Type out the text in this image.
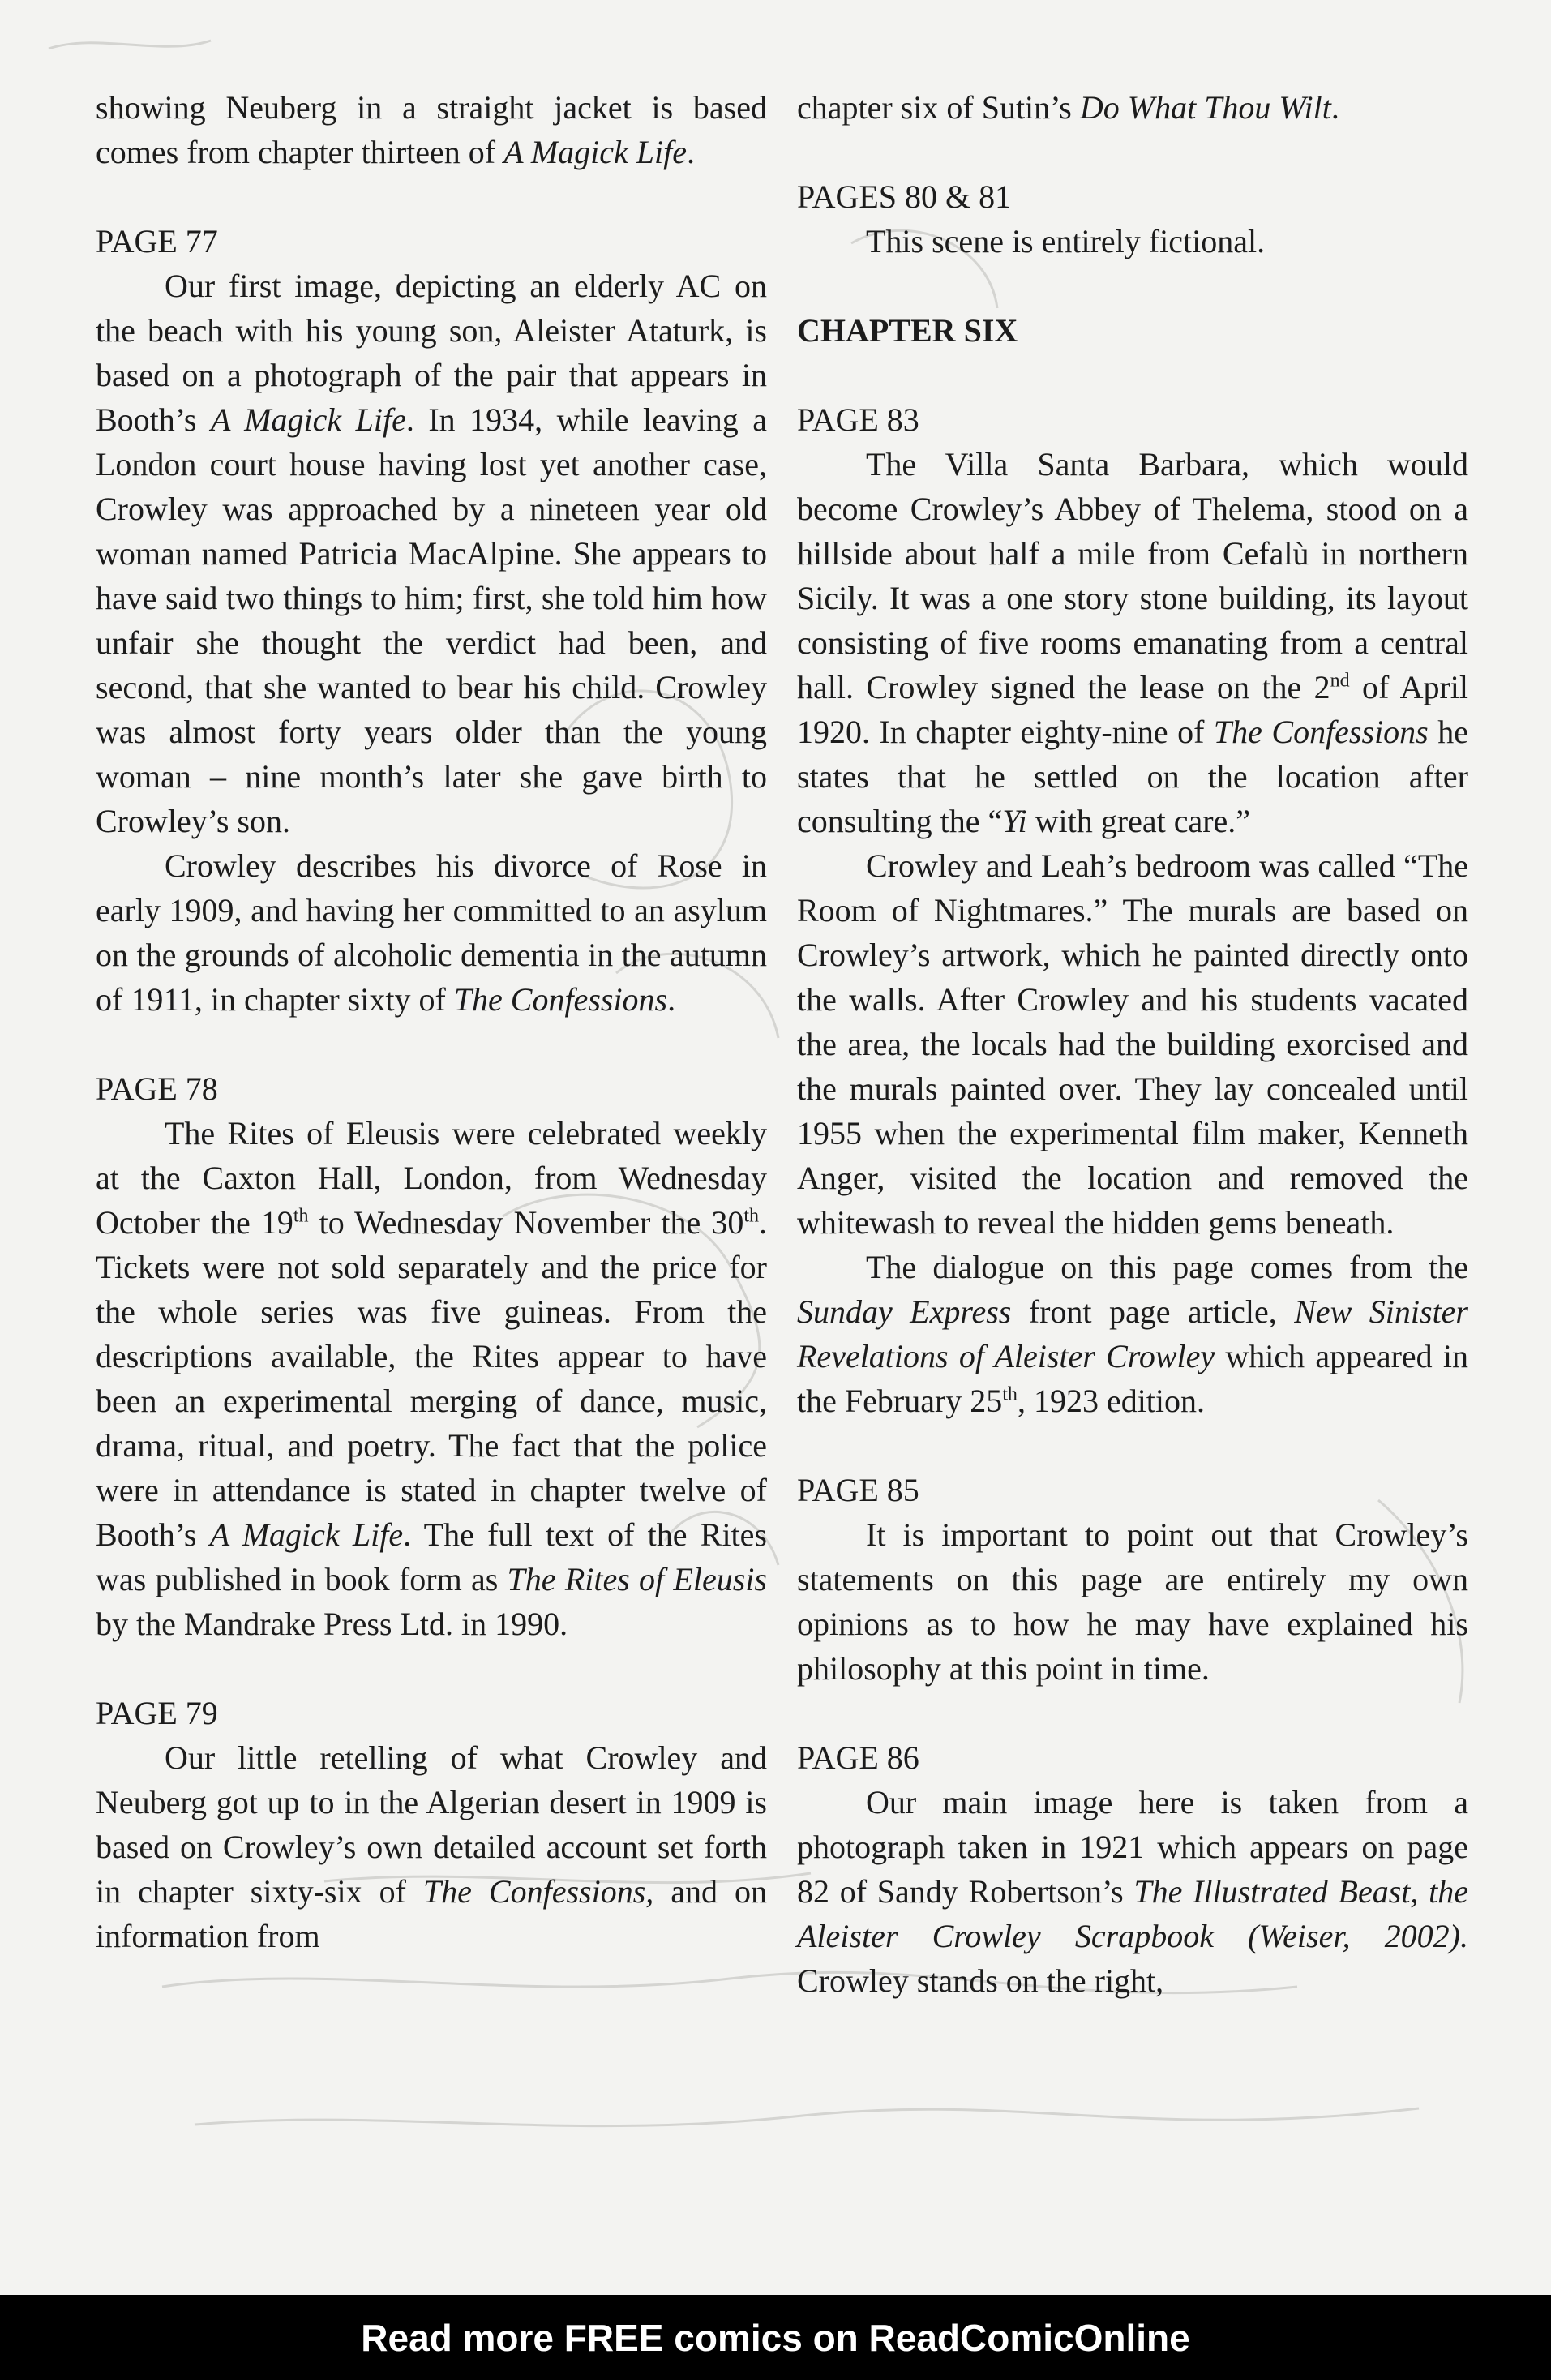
showing Neuberg in a straight jacket is based comes from chapter thirteen of A Magick Life.

PAGE 77

Our first image, depicting an elderly AC on the beach with his young son, Aleister Ataturk, is based on a photograph of the pair that appears in Booth’s A Magick Life. In 1934, while leaving a London court house having lost yet another case, Crowley was approached by a nineteen year old woman named Patricia MacAlpine. She appears to have said two things to him; first, she told him how unfair she thought the verdict had been, and second, that she wanted to bear his child. Crowley was almost forty years older than the young woman – nine month’s later she gave birth to Crowley’s son.

Crowley describes his divorce of Rose in early 1909, and having her committed to an asylum on the grounds of alcoholic dementia in the autumn of 1911, in chapter sixty of The Confessions.

PAGE 78

The Rites of Eleusis were celebrated weekly at the Caxton Hall, London, from Wednesday October the 19th to Wednesday November the 30th. Tickets were not sold separately and the price for the whole series was five guineas. From the descriptions available, the Rites appear to have been an experimental merging of dance, music, drama, ritual, and poetry. The fact that the police were in attendance is stated in chapter twelve of Booth’s A Magick Life. The full text of the Rites was published in book form as The Rites of Eleusis by the Mandrake Press Ltd. in 1990.

PAGE 79

Our little retelling of what Crowley and Neuberg got up to in the Algerian desert in 1909 is based on Crowley’s own detailed account set forth in chapter sixty-six of The Confessions, and on information from

chapter six of Sutin’s Do What Thou Wilt.

PAGES 80 & 81

This scene is entirely fictional.

CHAPTER SIX

PAGE 83

The Villa Santa Barbara, which would become Crowley’s Abbey of Thelema, stood on a hillside about half a mile from Cefalù in northern Sicily. It was a one story stone building, its layout consisting of five rooms emanating from a central hall. Crowley signed the lease on the 2nd of April 1920. In chapter eighty-nine of The Confessions he states that he settled on the location after consulting the “Yi with great care.”

Crowley and Leah’s bedroom was called “The Room of Nightmares.” The murals are based on Crowley’s artwork, which he painted directly onto the walls. After Crowley and his students vacated the area, the locals had the building exorcised and the murals painted over. They lay concealed until 1955 when the experimental film maker, Kenneth Anger, visited the location and removed the whitewash to reveal the hidden gems beneath.

The dialogue on this page comes from the Sunday Express front page article, New Sinister Revelations of Aleister Crowley which appeared in the February 25th, 1923 edition.

PAGE 85

It is important to point out that Crowley’s statements on this page are entirely my own opinions as to how he may have explained his philosophy at this point in time.

PAGE 86

Our main image here is taken from a photograph taken in 1921 which appears on page 82 of Sandy Robertson’s The Illustrated Beast, the Aleister Crowley Scrapbook (Weiser, 2002). Crowley stands on the right,

Read more FREE comics on ReadComicOnline
